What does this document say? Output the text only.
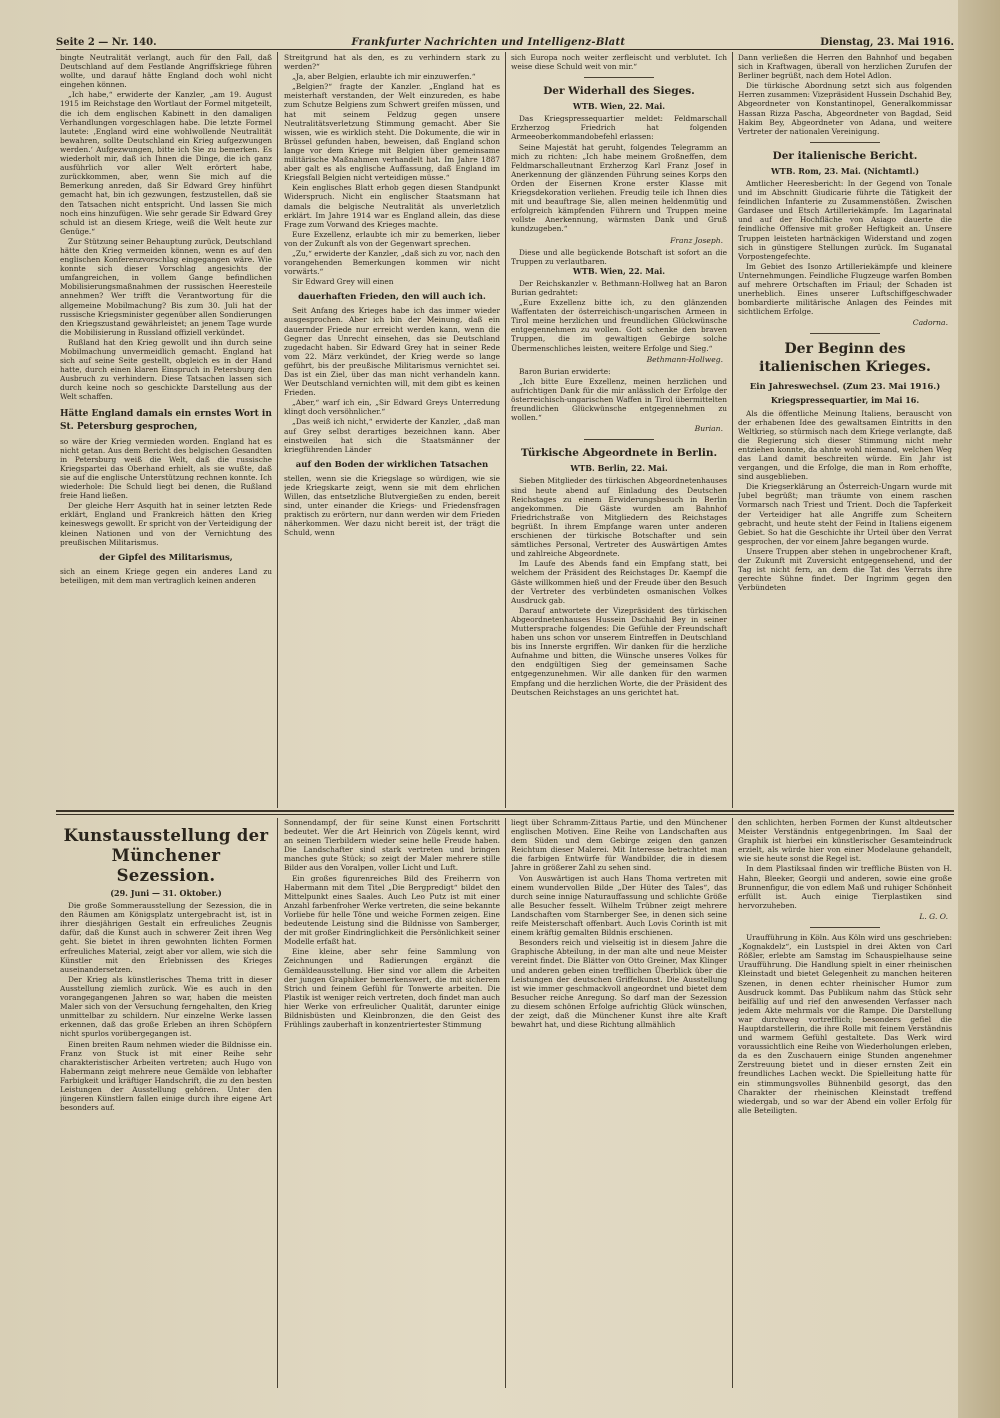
Seite 2 — Nr. 140.	Frankfurter Nachrichten und Intelligenz-Blatt	Dienstag, 23. Mai 1916.

bingte Neutralität verlangt, auch für den Fall, daß Deutschland auf dem Festlande Angriffskriege führen wollte, und darauf hätte England doch wohl nicht eingehen können.

„Ich habe,“ erwiderte der Kanzler, „am 19. August 1915 im Reichstage den Wortlaut der Formel mitgeteilt, die ich dem englischen Kabinett in den damaligen Verhandlungen vorgeschlagen habe. Die letzte Formel lautete: ‚England wird eine wohlwollende Neutralität bewahren, sollte Deutschland ein Krieg aufgezwungen werden.‘ Aufgezwungen, bitte ich Sie zu bemerken. Es wiederholt mir, daß ich Ihnen die Dinge, die ich ganz ausführlich vor aller Welt erörtert habe, zurückkommen, aber, wenn Sie mich auf die Bemerkung anreden, daß Sir Edward Grey hinführt gemacht hat, bin ich gezwungen, festzustellen, daß sie den Tatsachen nicht entspricht. Und lassen Sie mich noch eins hinzufügen. Wie sehr gerade Sir Edward Grey schuld ist an diesem Kriege, weiß die Welt heute zur Genüge.“

Zur Stützung seiner Behauptung zurück, Deutschland hätte den Krieg vermeiden können, wenn es auf den englischen Konferenzvorschlag eingegangen wäre. Wie konnte sich dieser Vorschlag angesichts der umfangreichen, in vollem Gange befindlichen Mobilisierungsmaßnahmen der russischen Heeresteile annehmen? Wer trifft die Verantwortung für die allgemeine Mobilmachung? Bis zum 30. Juli hat der russische Kriegsminister gegenüber allen Sondierungen den Kriegszustand gewährleistet; an jenem Tage wurde die Mobilisierung in Russland offiziell verkündet.

Rußland hat den Krieg gewollt und ihn durch seine Mobilmachung unvermeidlich gemacht. England hat sich auf seine Seite gestellt, obgleich es in der Hand hatte, durch einen klaren Einspruch in Petersburg den Ausbruch zu verhindern. Diese Tatsachen lassen sich durch keine noch so geschickte Darstellung aus der Welt schaffen.

Hätte England damals ein ernstes Wort in St. Petersburg gesprochen,

so wäre der Krieg vermieden worden. England hat es nicht getan. Aus dem Bericht des belgischen Gesandten in Petersburg weiß die Welt, daß die russische Kriegspartei das Oberhand erhielt, als sie wußte, daß sie auf die englische Unterstützung rechnen konnte. Ich wiederhole: Die Schuld liegt bei denen, die Rußland freie Hand ließen.

Der gleiche Herr Asquith hat in seiner letzten Rede erklärt, England und Frankreich hätten den Krieg keineswegs gewollt. Er spricht von der Verteidigung der kleinen Nationen und von der Vernichtung des preußischen Militarismus.

der Gipfel des Militarismus,

sich an einem Kriege gegen ein anderes Land zu beteiligen, mit dem man vertraglich keinen anderen

Streitgrund hat als den, es zu verhindern stark zu werden?“

„Ja, aber Belgien, erlaubte ich mir einzuwerfen.“

„Belgien?“ fragte der Kanzler. „England hat es meisterhaft verstanden, der Welt einzureden, es habe zum Schutze Belgiens zum Schwert greifen müssen, und hat mit seinem Feldzug gegen unsere Neutralitätsverletzung Stimmung gemacht. Aber Sie wissen, wie es wirklich steht. Die Dokumente, die wir in Brüssel gefunden haben, beweisen, daß England schon lange vor dem Kriege mit Belgien über gemeinsame militärische Maßnahmen verhandelt hat. Im Jahre 1887 aber galt es als englische Auffassung, daß England im Kriegsfall Belgien nicht verteidigen müsse.“

Kein englisches Blatt erhob gegen diesen Standpunkt Widerspruch. Nicht ein englischer Staatsmann hat damals die belgische Neutralität als unverletzlich erklärt. Im Jahre 1914 war es England allein, das diese Frage zum Vorwand des Krieges machte.

Eure Exzellenz, erlaubte ich mir zu bemerken, lieber von der Zukunft als von der Gegenwart sprechen.

„Zu,“ erwiderte der Kanzler, „daß sich zu vor, nach den vorangehenden Bemerkungen kommen wir nicht vorwärts.“

Sir Edward Grey will einen

dauerhaften Frieden, den will auch ich.

Seit Anfang des Krieges habe ich das immer wieder ausgesprochen. Aber ich bin der Meinung, daß ein dauernder Friede nur erreicht werden kann, wenn die Gegner das Unrecht einsehen, das sie Deutschland zugedacht haben. Sir Edward Grey hat in seiner Rede vom 22. März verkündet, der Krieg werde so lange geführt, bis der preußische Militarismus vernichtet sei. Das ist ein Ziel, über das man nicht verhandeln kann. Wer Deutschland vernichten will, mit dem gibt es keinen Frieden.

„Aber,“ warf ich ein, „Sir Edward Greys Unterredung klingt doch versöhnlicher.“

„Das weiß ich nicht,“ erwiderte der Kanzler, „daß man auf Grey selbst derartiges bezeichnen kann. Aber einstweilen hat sich die Staatsmänner der kriegführenden Länder

auf den Boden der wirklichen Tatsachen

stellen, wenn sie die Kriegslage so würdigen, wie sie jede Kriegskarte zeigt, wenn sie mit dem ehrlichen Willen, das entsetzliche Blutvergießen zu enden, bereit sind, unter einander die Kriegs- und Friedensfragen praktisch zu erörtern, nur dann werden wir dem Frieden näherkommen. Wer dazu nicht bereit ist, der trägt die Schuld, wenn

sich Europa noch weiter zerfleischt und verblutet. Ich weise diese Schuld weit von mir.“

Der Widerhall des Sieges.
WTB. Wien, 22. Mai.

Das Kriegspressequartier meldet: Feldmarschall Erzherzog Friedrich hat folgenden Armeeoberkommandobefehl erlassen:

Seine Majestät hat geruht, folgendes Telegramm an mich zu richten: „Ich habe meinem Großneffen, dem Feldmarschalleutnant Erzherzog Karl Franz Josef in Anerkennung der glänzenden Führung seines Korps den Orden der Eisernen Krone erster Klasse mit Kriegsdekoration verliehen. Freudig teile ich Ihnen dies mit und beauftrage Sie, allen meinen heldenmütig und erfolgreich kämpfenden Führern und Truppen meine vollste Anerkennung, wärmsten Dank und Gruß kundzugeben.“

Franz Joseph.

Diese und alle begückende Botschaft ist sofort an die Truppen zu verlautbaren.

WTB. Wien, 22. Mai.

Der Reichskanzler v. Bethmann-Hollweg hat an Baron Burian gedrahtet:

„Eure Exzellenz bitte ich, zu den glänzenden Waffentaten der österreichisch-ungarischen Armeen in Tirol meine herzlichen und freundlichen Glückwünsche entgegennehmen zu wollen. Gott schenke den braven Truppen, die im gewaltigen Gebirge solche Übermenschliches leisten, weitere Erfolge und Sieg.“

Bethmann-Hollweg.

Baron Burian erwiderte:

„Ich bitte Eure Exzellenz, meinen herzlichen und aufrichtigen Dank für die mir anlässlich der Erfolge der österreichisch-ungarischen Waffen in Tirol übermittelten freundlichen Glückwünsche entgegennehmen zu wollen.“

Burian.
Türkische Abgeordnete in Berlin.
WTB. Berlin, 22. Mai.

Sieben Mitglieder des türkischen Abgeordnetenhauses sind heute abend auf Einladung des Deutschen Reichstages zu einem Erwiderungsbesuch in Berlin angekommen. Die Gäste wurden am Bahnhof Friedrichstraße von Mitgliedern des Reichstages begrüßt. In ihrem Empfange waren unter anderen erschienen der türkische Botschafter und sein sämtliches Personal, Vertreter des Auswärtigen Amtes und zahlreiche Abgeordnete.

Im Laufe des Abends fand ein Empfang statt, bei welchem der Präsident des Reichstages Dr. Kaempf die Gäste willkommen hieß und der Freude über den Besuch der Vertreter des verbündeten osmanischen Volkes Ausdruck gab.

Darauf antwortete der Vizepräsident des türkischen Abgeordnetenhauses Hussein Dschahid Bey in seiner Muttersprache folgendes: Die Gefühle der Freundschaft haben uns schon vor unserem Eintreffen in Deutschland bis ins Innerste ergriffen. Wir danken für die herzliche Aufnahme und bitten, die Wünsche unseres Volkes für den endgültigen Sieg der gemeinsamen Sache entgegenzunehmen. Wir alle danken für den warmen Empfang und die herzlichen Worte, die der Präsident des Deutschen Reichstages an uns gerichtet hat.

Dann verließen die Herren den Bahnhof und begaben sich in Kraftwagen, überall von herzlichen Zurufen der Berliner begrüßt, nach dem Hotel Adlon.

Die türkische Abordnung setzt sich aus folgenden Herren zusammen: Vizepräsident Hussein Dschahid Bey, Abgeordneter von Konstantinopel, Generalkommissar Hassan Rizza Pascha, Abgeordneter von Bagdad, Seid Hakim Bey, Abgeordneter von Adana, und weitere Vertreter der nationalen Vereinigung.

Der italienische Bericht.
WTB. Rom, 23. Mai. (Nichtamtl.)

Amtlicher Heeresbericht: In der Gegend von Tonale und im Abschnitt Giudicarie führte die Tätigkeit der feindlichen Infanterie zu Zusammenstößen. Zwischen Gardasee und Etsch Artilleriekämpfe. Im Lagarinatal und auf der Hochfläche von Asiago dauerte die feindliche Offensive mit großer Heftigkeit an. Unsere Truppen leisteten hartnäckigen Widerstand und zogen sich in günstigere Stellungen zurück. Im Suganatal Vorpostengefechte.

Im Gebiet des Isonzo Artilleriekämpfe und kleinere Unternehmungen. Feindliche Flugzeuge warfen Bomben auf mehrere Ortschaften im Friaul; der Schaden ist unerheblich. Eines unserer Luftschiffgeschwader bombardierte militärische Anlagen des Feindes mit sichtlichem Erfolge.

Cadorna.
Der Beginn des italienischen Krieges.
Ein Jahreswechsel. (Zum 23. Mai 1916.)
Kriegspressequartier, im Mai 16.

Als die öffentliche Meinung Italiens, berauscht von der erhabenen Idee des gewaltsamen Eintritts in den Weltkrieg, so stürmisch nach dem Kriege verlangte, daß die Regierung sich dieser Stimmung nicht mehr entziehen konnte, da ahnte wohl niemand, welchen Weg das Land damit beschreiten würde. Ein Jahr ist vergangen, und die Erfolge, die man in Rom erhoffte, sind ausgeblieben.

Die Kriegserklärung an Österreich-Ungarn wurde mit Jubel begrüßt; man träumte von einem raschen Vormarsch nach Triest und Trient. Doch die Tapferkeit der Verteidiger hat alle Angriffe zum Scheitern gebracht, und heute steht der Feind in Italiens eigenem Gebiet. So hat die Geschichte ihr Urteil über den Verrat gesprochen, der vor einem Jahre begangen wurde.

Unsere Truppen aber stehen in ungebrochener Kraft, der Zukunft mit Zuversicht entgegensehend, und der Tag ist nicht fern, an dem die Tat des Verrats ihre gerechte Sühne findet. Der Ingrimm gegen den Verbündeten

Kunstausstellung der Münchener Sezession.
(29. Juni — 31. Oktober.)

Die große Sommerausstellung der Sezession, die in den Räumen am Königsplatz untergebracht ist, ist in ihrer diesjährigen Gestalt ein erfreuliches Zeugnis dafür, daß die Kunst auch in schwerer Zeit ihren Weg geht. Sie bietet in ihren gewohnten lichten Formen erfreuliches Material, zeigt aber vor allem, wie sich die Künstler mit den Erlebnissen des Krieges auseinandersetzen.

Der Krieg als künstlerisches Thema tritt in dieser Ausstellung ziemlich zurück. Wie es auch in den vorangegangenen Jahren so war, haben die meisten Maler sich von der Versuchung ferngehalten, den Krieg unmittelbar zu schildern. Nur einzelne Werke lassen erkennen, daß das große Erleben an ihren Schöpfern nicht spurlos vorübergegangen ist.

Einen breiten Raum nehmen wieder die Bildnisse ein. Franz von Stuck ist mit einer Reihe sehr charakteristischer Arbeiten vertreten; auch Hugo von Habermann zeigt mehrere neue Gemälde von lebhafter Farbigkeit und kräftiger Handschrift, die zu den besten Leistungen der Ausstellung gehören. Unter den jüngeren Künstlern fallen einige durch ihre eigene Art besonders auf.

Sonnendampf, der für seine Kunst einen Fortschritt bedeutet. Wer die Art Heinrich von Zügels kennt, wird an seinen Tierbildern wieder seine helle Freude haben. Die Landschafter sind stark vertreten und bringen manches gute Stück; so zeigt der Maler mehrere stille Bilder aus den Voralpen, voller Licht und Luft.

Ein großes figurenreiches Bild des Freiherrn von Habermann mit dem Titel „Die Bergpredigt“ bildet den Mittelpunkt eines Saales. Auch Leo Putz ist mit einer Anzahl farbenfroher Werke vertreten, die seine bekannte Vorliebe für helle Töne und weiche Formen zeigen. Eine bedeutende Leistung sind die Bildnisse von Samberger, der mit großer Eindringlichkeit die Persönlichkeit seiner Modelle erfaßt hat.

Eine kleine, aber sehr feine Sammlung von Zeichnungen und Radierungen ergänzt die Gemäldeausstellung. Hier sind vor allem die Arbeiten der jungen Graphiker bemerkenswert, die mit sicherem Strich und feinem Gefühl für Tonwerte arbeiten. Die Plastik ist weniger reich vertreten, doch findet man auch hier Werke von erfreulicher Qualität, darunter einige Bildnisbüsten und Kleinbronzen, die den Geist des Frühlings zauberhaft in konzentriertester Stimmung

liegt über Schramm-Zittaus Partie, und den Münchener englischen Motiven. Eine Reihe von Landschaften aus dem Süden und dem Gebirge zeigen den ganzen Reichtum dieser Malerei. Mit Interesse betrachtet man die farbigen Entwürfe für Wandbilder, die in diesem Jahre in größerer Zahl zu sehen sind.

Von Auswärtigen ist auch Hans Thoma vertreten mit einem wundervollen Bilde „Der Hüter des Tales“, das durch seine innige Naturauffassung und schlichte Größe alle Besucher fesselt. Wilhelm Trübner zeigt mehrere Landschaften vom Starnberger See, in denen sich seine reife Meisterschaft offenbart. Auch Lovis Corinth ist mit einem kräftig gemalten Bildnis erschienen.

Besonders reich und vielseitig ist in diesem Jahre die Graphische Abteilung, in der man alte und neue Meister vereint findet. Die Blätter von Otto Greiner, Max Klinger und anderen geben einen trefflichen Überblick über die Leistungen der deutschen Griffelkunst. Die Ausstellung ist wie immer geschmackvoll angeordnet und bietet dem Besucher reiche Anregung. So darf man der Sezession zu diesem schönen Erfolge aufrichtig Glück wünschen, der zeigt, daß die Münchener Kunst ihre alte Kraft bewahrt hat, und diese Richtung allmählich

den schlichten, herben Formen der Kunst altdeutscher Meister Verständnis entgegenbringen. Im Saal der Graphik ist hierbei ein künstlerischer Gesamteindruck erzielt, als würde hier von einer Modelaune gehandelt, wie sie heute sonst die Regel ist.

In dem Plastiksaal finden wir treffliche Büsten von H. Hahn, Bleeker, Georgii und anderen, sowie eine große Brunnenfigur, die von edlem Maß und ruhiger Schönheit erfüllt ist. Auch einige Tierplastiken sind hervorzuheben.

L. G. O.

Uraufführung in Köln. Aus Köln wird uns geschrieben: „Kognakdelz“, ein Lustspiel in drei Akten von Carl Rößler, erlebte am Samstag im Schauspielhause seine Uraufführung. Die Handlung spielt in einer rheinischen Kleinstadt und bietet Gelegenheit zu manchen heiteren Szenen, in denen echter rheinischer Humor zum Ausdruck kommt. Das Publikum nahm das Stück sehr beifällig auf und rief den anwesenden Verfasser nach jedem Akte mehrmals vor die Rampe. Die Darstellung war durchweg vortrefflich; besonders gefiel die Hauptdarstellerin, die ihre Rolle mit feinem Verständnis und warmem Gefühl gestaltete. Das Werk wird voraussichtlich eine Reihe von Wiederholungen erleben, da es den Zuschauern einige Stunden angenehmer Zerstreuung bietet und in dieser ernsten Zeit ein freundliches Lachen weckt. Die Spielleitung hatte für ein stimmungsvolles Bühnenbild gesorgt, das den Charakter der rheinischen Kleinstadt treffend wiedergab, und so war der Abend ein voller Erfolg für alle Beteiligten.
